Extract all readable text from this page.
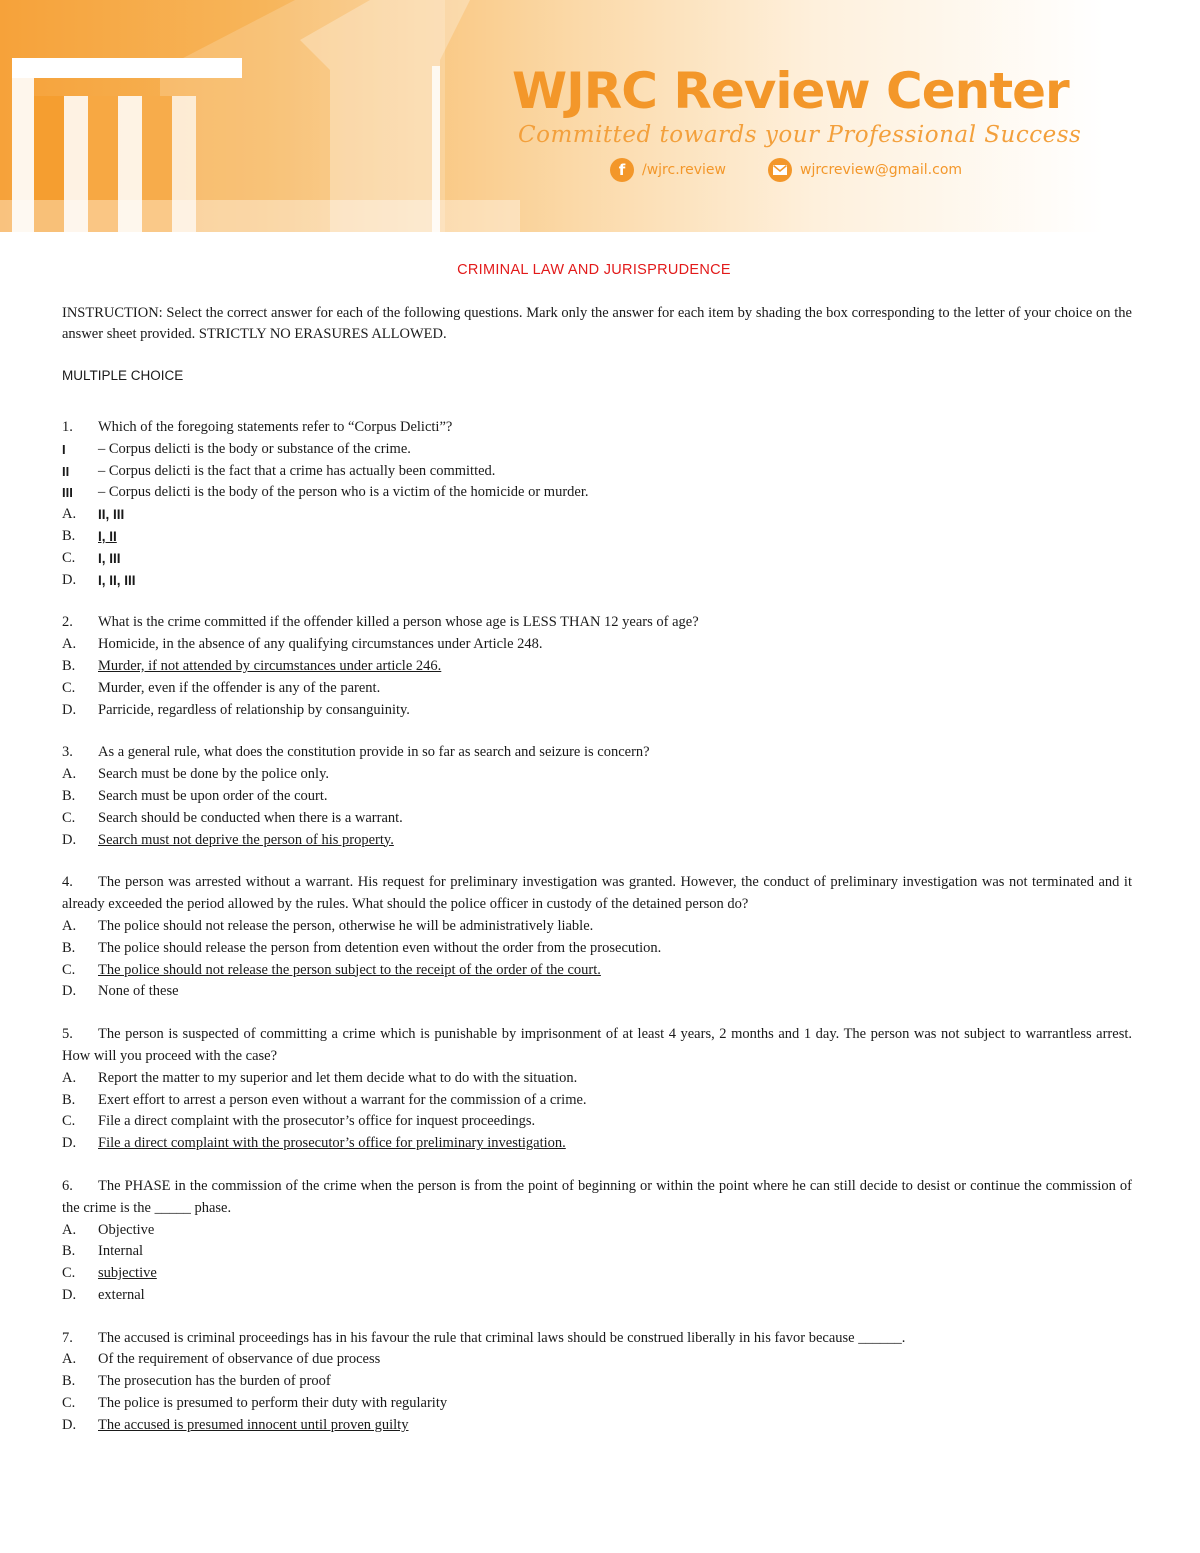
WJRC Review Center
Committed towards your Professional Success
f	/wjrc.review	wjrcreview@gmail.com
CRIMINAL LAW AND JURISPRUDENCE
INSTRUCTION: Select the correct answer for each of the following questions. Mark only the answer for each item by shading the box corresponding to the letter of your choice on the answer sheet provided. STRICTLY NO ERASURES ALLOWED.
MULTIPLE CHOICE
1.	Which of the foregoing statements refer to “Corpus Delicti”?
I	– Corpus delicti is the body or substance of the crime.
II	– Corpus delicti is the fact that a crime has actually been committed.
III	– Corpus delicti is the body of the person who is a victim of the homicide or murder.
A.	II, III
B.	I, II
C.	I, III
D.	I, II, III
2.	What is the crime committed if the offender killed a person whose age is LESS THAN 12 years of age?
A.	Homicide, in the absence of any qualifying circumstances under Article 248.
B.	Murder, if not attended by circumstances under article 246.
C.	Murder, even if the offender is any of the parent.
D.	Parricide, regardless of relationship by consanguinity.
3.	As a general rule, what does the constitution provide in so far as search and seizure is concern?
A.	Search must be done by the police only.
B.	Search must be upon order of the court.
C.	Search should be conducted when there is a warrant.
D.	Search must not deprive the person of his property.
4. The person was arrested without a warrant. His request for preliminary investigation was granted. However, the conduct of preliminary investigation was not terminated and it already exceeded the period allowed by the rules. What should the police officer in custody of the detained person do?
A.	The police should not release the person, otherwise he will be administratively liable.
B.	The police should release the person from detention even without the order from the prosecution.
C.	The police should not release the person subject to the receipt of the order of the court.
D.	None of these
5. The person is suspected of committing a crime which is punishable by imprisonment of at least 4 years, 2 months and 1 day. The person was not subject to warrantless arrest. How will you proceed with the case?
A.	Report the matter to my superior and let them decide what to do with the situation.
B.	Exert effort to arrest a person even without a warrant for the commission of a crime.
C.	File a direct complaint with the prosecutor’s office for inquest proceedings.
D.	File a direct complaint with the prosecutor’s office for preliminary investigation.
6. The PHASE in the commission of the crime when the person is from the point of beginning or within the point where he can still decide to desist or continue the commission of the crime is the _____ phase.
A.	Objective
B.	Internal
C.	subjective
D.	external
7.	The accused is criminal proceedings has in his favour the rule that criminal laws should be construed liberally in his favor because ______.
A.	Of the requirement of observance of due process
B.	The prosecution has the burden of proof
C.	The police is presumed to perform their duty with regularity
D.	The accused is presumed innocent until proven guilty
